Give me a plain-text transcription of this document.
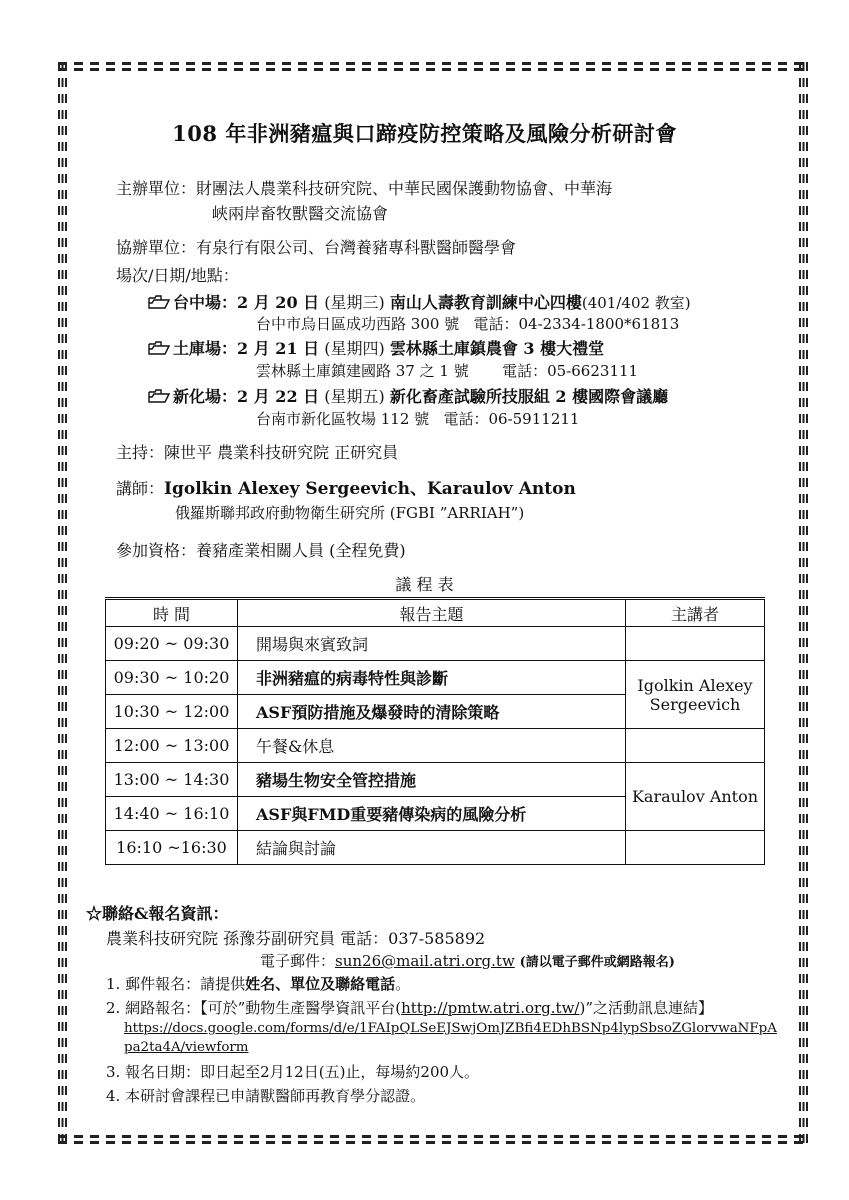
108 年非洲豬瘟與口蹄疫防控策略及風險分析研討會
主辦單位：財團法人農業科技研究院、中華民國保護動物協會、中華海
峽兩岸畜牧獸醫交流協會
協辦單位：有泉行有限公司、台灣養豬專科獸醫師醫學會
場次/日期/地點：
台中場：2 月 20 日 (星期三) 南山人壽教育訓練中心四樓(401/402 教室)
台中市烏日區成功西路 300 號 電話：04-2334-1800*61813
土庫場：2 月 21 日 (星期四) 雲林縣土庫鎮農會 3 樓大禮堂
雲林縣土庫鎮建國路 37 之 1 號 電話：05-6623111
新化場：2 月 22 日 (星期五) 新化畜產試驗所技服組 2 樓國際會議廳
台南市新化區牧場 112 號 電話：06-5911211
主持：陳世平 農業科技研究院 正研究員
講師：Igolkin Alexey Sergeevich、Karaulov Anton
俄羅斯聯邦政府動物衛生研究所 (FGBI ”ARRIAH”)
參加資格：養豬產業相關人員 (全程免費)
議 程 表
時 間	報告主題	主講者
09:20 ~ 09:30	開場與來賓致詞	
09:30 ~ 10:20	非洲豬瘟的病毒特性與診斷	Igolkin Alexey
Sergeevich

10:30 ~ 12:00	ASF預防措施及爆發時的清除策略	
12:00 ~ 13:00	午餐&休息	
13:00 ~ 14:30	豬場生物安全管控措施	Karaulov Anton
14:40 ~ 16:10	ASF與FMD重要豬傳染病的風險分析	
16:10 ~16:30	結論與討論	
☆聯絡&報名資訊：
農業科技研究院 孫豫芬副研究員 電話：037-585892
電子郵件：sun26@mail.atri.org.tw (請以電子郵件或網路報名)
1. 郵件報名：請提供姓名、單位及聯絡電話。
2. 網路報名：【可於”動物生產醫學資訊平台(http://pmtw.atri.org.tw/)”之活動訊息連結】
https://docs.google.com/forms/d/e/1FAIpQLSeEJSwjOmJZBfi4EDhBSNp4lypSbsoZGlorvwaNFpA
pa2ta4A/viewform
3. 報名日期：即日起至2月12日(五)止，每場約200人。
4. 本研討會課程已申請獸醫師再教育學分認證。
